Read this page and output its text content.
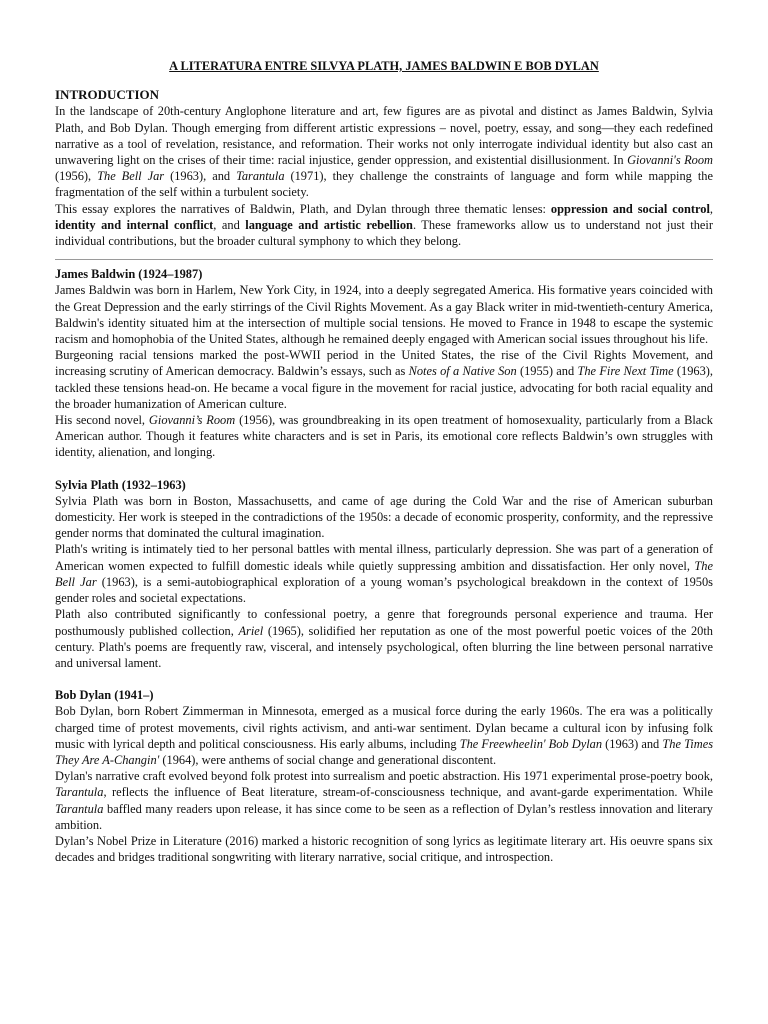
A LITERATURA ENTRE SILVYA PLATH, JAMES BALDWIN E BOB DYLAN
INTRODUCTION

In the landscape of 20th-century Anglophone literature and art, few figures are as pivotal and distinct as James Baldwin, Sylvia Plath, and Bob Dylan. Though emerging from different artistic expressions – novel, poetry, essay, and song—they each redefined narrative as a tool of revelation, resistance, and reformation. Their works not only interrogate individual identity but also cast an unwavering light on the crises of their time: racial injustice, gender oppression, and existential disillusionment. In Giovanni's Room (1956), The Bell Jar (1963), and Tarantula (1971), they challenge the constraints of language and form while mapping the fragmentation of the self within a turbulent society.

This essay explores the narratives of Baldwin, Plath, and Dylan through three thematic lenses: oppression and social control, identity and internal conflict, and language and artistic rebellion. These frameworks allow us to understand not just their individual contributions, but the broader cultural symphony to which they belong.

James Baldwin (1924–1987)

James Baldwin was born in Harlem, New York City, in 1924, into a deeply segregated America. His formative years coincided with the Great Depression and the early stirrings of the Civil Rights Movement. As a gay Black writer in mid-twentieth-century America, Baldwin's identity situated him at the intersection of multiple social tensions. He moved to France in 1948 to escape the systemic racism and homophobia of the United States, although he remained deeply engaged with American social issues throughout his life.

Burgeoning racial tensions marked the post-WWII period in the United States, the rise of the Civil Rights Movement, and increasing scrutiny of American democracy. Baldwin’s essays, such as Notes of a Native Son (1955) and The Fire Next Time (1963), tackled these tensions head-on. He became a vocal figure in the movement for racial justice, advocating for both racial equality and the broader humanization of American culture.

His second novel, Giovanni’s Room (1956), was groundbreaking in its open treatment of homosexuality, particularly from a Black American author. Though it features white characters and is set in Paris, its emotional core reflects Baldwin’s own struggles with identity, alienation, and longing.

Sylvia Plath (1932–1963)

Sylvia Plath was born in Boston, Massachusetts, and came of age during the Cold War and the rise of American suburban domesticity. Her work is steeped in the contradictions of the 1950s: a decade of economic prosperity, conformity, and the repressive gender norms that dominated the cultural imagination.

Plath's writing is intimately tied to her personal battles with mental illness, particularly depression. She was part of a generation of American women expected to fulfill domestic ideals while quietly suppressing ambition and dissatisfaction. Her only novel, The Bell Jar (1963), is a semi-autobiographical exploration of a young woman’s psychological breakdown in the context of 1950s gender roles and societal expectations.

Plath also contributed significantly to confessional poetry, a genre that foregrounds personal experience and trauma. Her posthumously published collection, Ariel (1965), solidified her reputation as one of the most powerful poetic voices of the 20th century. Plath's poems are frequently raw, visceral, and intensely psychological, often blurring the line between personal narrative and universal lament.

Bob Dylan (1941–)

Bob Dylan, born Robert Zimmerman in Minnesota, emerged as a musical force during the early 1960s. The era was a politically charged time of protest movements, civil rights activism, and anti-war sentiment. Dylan became a cultural icon by infusing folk music with lyrical depth and political consciousness. His early albums, including The Freewheelin' Bob Dylan (1963) and The Times They Are A-Changin' (1964), were anthems of social change and generational discontent.

Dylan's narrative craft evolved beyond folk protest into surrealism and poetic abstraction. His 1971 experimental prose-poetry book, Tarantula, reflects the influence of Beat literature, stream-of-consciousness technique, and avant-garde experimentation. While Tarantula baffled many readers upon release, it has since come to be seen as a reflection of Dylan’s restless innovation and literary ambition.

Dylan’s Nobel Prize in Literature (2016) marked a historic recognition of song lyrics as legitimate literary art. His oeuvre spans six decades and bridges traditional songwriting with literary narrative, social critique, and introspection.
